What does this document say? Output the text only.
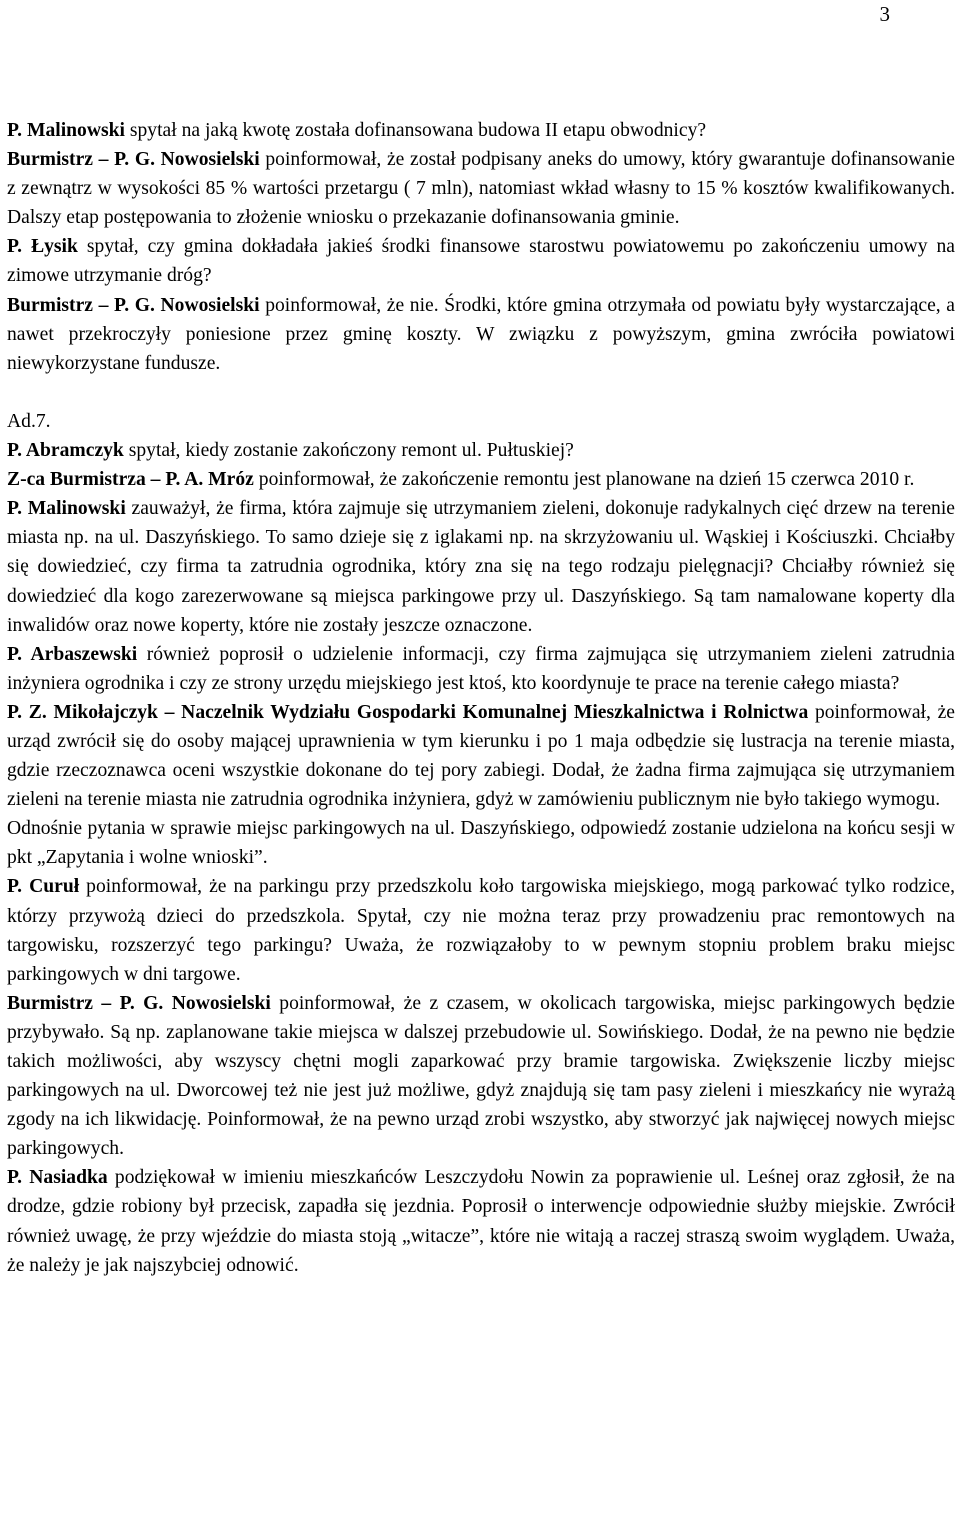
3

P. Malinowski spytał na jaką kwotę została dofinansowana budowa II etapu obwodnicy?

Burmistrz – P. G. Nowosielski poinformował, że został podpisany aneks do umowy, który gwarantuje dofinansowanie z zewnątrz w wysokości 85 % wartości przetargu ( 7 mln), natomiast wkład własny to 15 % kosztów kwalifikowanych. Dalszy etap postępowania to złożenie wniosku o przekazanie dofinansowania gminie.

P. Łysik spytał, czy gmina dokładała jakieś środki finansowe starostwu powiatowemu po zakończeniu umowy na zimowe utrzymanie dróg?

Burmistrz – P. G. Nowosielski poinformował, że nie. Środki, które gmina otrzymała od powiatu były wystarczające, a nawet przekroczyły poniesione przez gminę koszty. W związku z powyższym, gmina zwróciła powiatowi niewykorzystane fundusze.

Ad.7.

P. Abramczyk spytał, kiedy zostanie zakończony remont ul. Pułtuskiej?

Z-ca Burmistrza – P. A. Mróz poinformował, że zakończenie remontu jest planowane na dzień 15 czerwca 2010 r.

P. Malinowski zauważył, że firma, która zajmuje się utrzymaniem zieleni, dokonuje radykalnych cięć drzew na terenie miasta np. na ul. Daszyńskiego. To samo dzieje się z iglakami np. na skrzyżowaniu ul. Wąskiej i Kościuszki. Chciałby się dowiedzieć, czy firma ta zatrudnia ogrodnika, który zna się na tego rodzaju pielęgnacji? Chciałby również się dowiedzieć dla kogo zarezerwowane są miejsca parkingowe przy ul. Daszyńskiego. Są tam namalowane koperty dla inwalidów oraz nowe koperty, które nie zostały jeszcze oznaczone.

P. Arbaszewski również poprosił o udzielenie informacji, czy firma zajmująca się utrzymaniem zieleni zatrudnia inżyniera ogrodnika i czy ze strony urzędu miejskiego jest ktoś, kto koordynuje te prace na terenie całego miasta?

P. Z. Mikołajczyk – Naczelnik Wydziału Gospodarki Komunalnej Mieszkalnictwa i Rolnictwa poinformował, że urząd zwrócił się do osoby mającej uprawnienia w tym kierunku i po 1 maja odbędzie się lustracja na terenie miasta, gdzie rzeczoznawca oceni wszystkie dokonane do tej pory zabiegi. Dodał, że żadna firma zajmująca się utrzymaniem zieleni na terenie miasta nie zatrudnia ogrodnika inżyniera, gdyż w zamówieniu publicznym nie było takiego wymogu.

Odnośnie pytania w sprawie miejsc parkingowych na ul. Daszyńskiego, odpowiedź zostanie udzielona na końcu sesji w pkt „Zapytania i wolne wnioski”.

P. Curuł poinformował, że na parkingu przy przedszkolu koło targowiska miejskiego, mogą parkować tylko rodzice, którzy przywożą dzieci do przedszkola. Spytał, czy nie można teraz przy prowadzeniu prac remontowych na targowisku, rozszerzyć tego parkingu? Uważa, że rozwiązałoby to w pewnym stopniu problem braku miejsc parkingowych w dni targowe.

Burmistrz – P. G. Nowosielski poinformował, że z czasem, w okolicach targowiska, miejsc parkingowych będzie przybywało. Są np. zaplanowane takie miejsca w dalszej przebudowie ul. Sowińskiego. Dodał, że na pewno nie będzie takich możliwości, aby wszyscy chętni mogli zaparkować przy bramie targowiska. Zwiększenie liczby miejsc parkingowych na ul. Dworcowej też nie jest już możliwe, gdyż znajdują się tam pasy zieleni i mieszkańcy nie wyrażą zgody na ich likwidację. Poinformował, że na pewno urząd zrobi wszystko, aby stworzyć jak najwięcej nowych miejsc parkingowych.

P. Nasiadka podziękował w imieniu mieszkańców Leszczydołu Nowin za poprawienie ul. Leśnej oraz zgłosił, że na drodze, gdzie robiony był przecisk, zapadła się jezdnia. Poprosił o interwencje odpowiednie służby miejskie. Zwrócił również uwagę, że przy wjeździe do miasta stoją „witacze”, które nie witają a raczej straszą swoim wyglądem. Uważa, że należy je jak najszybciej odnowić.
